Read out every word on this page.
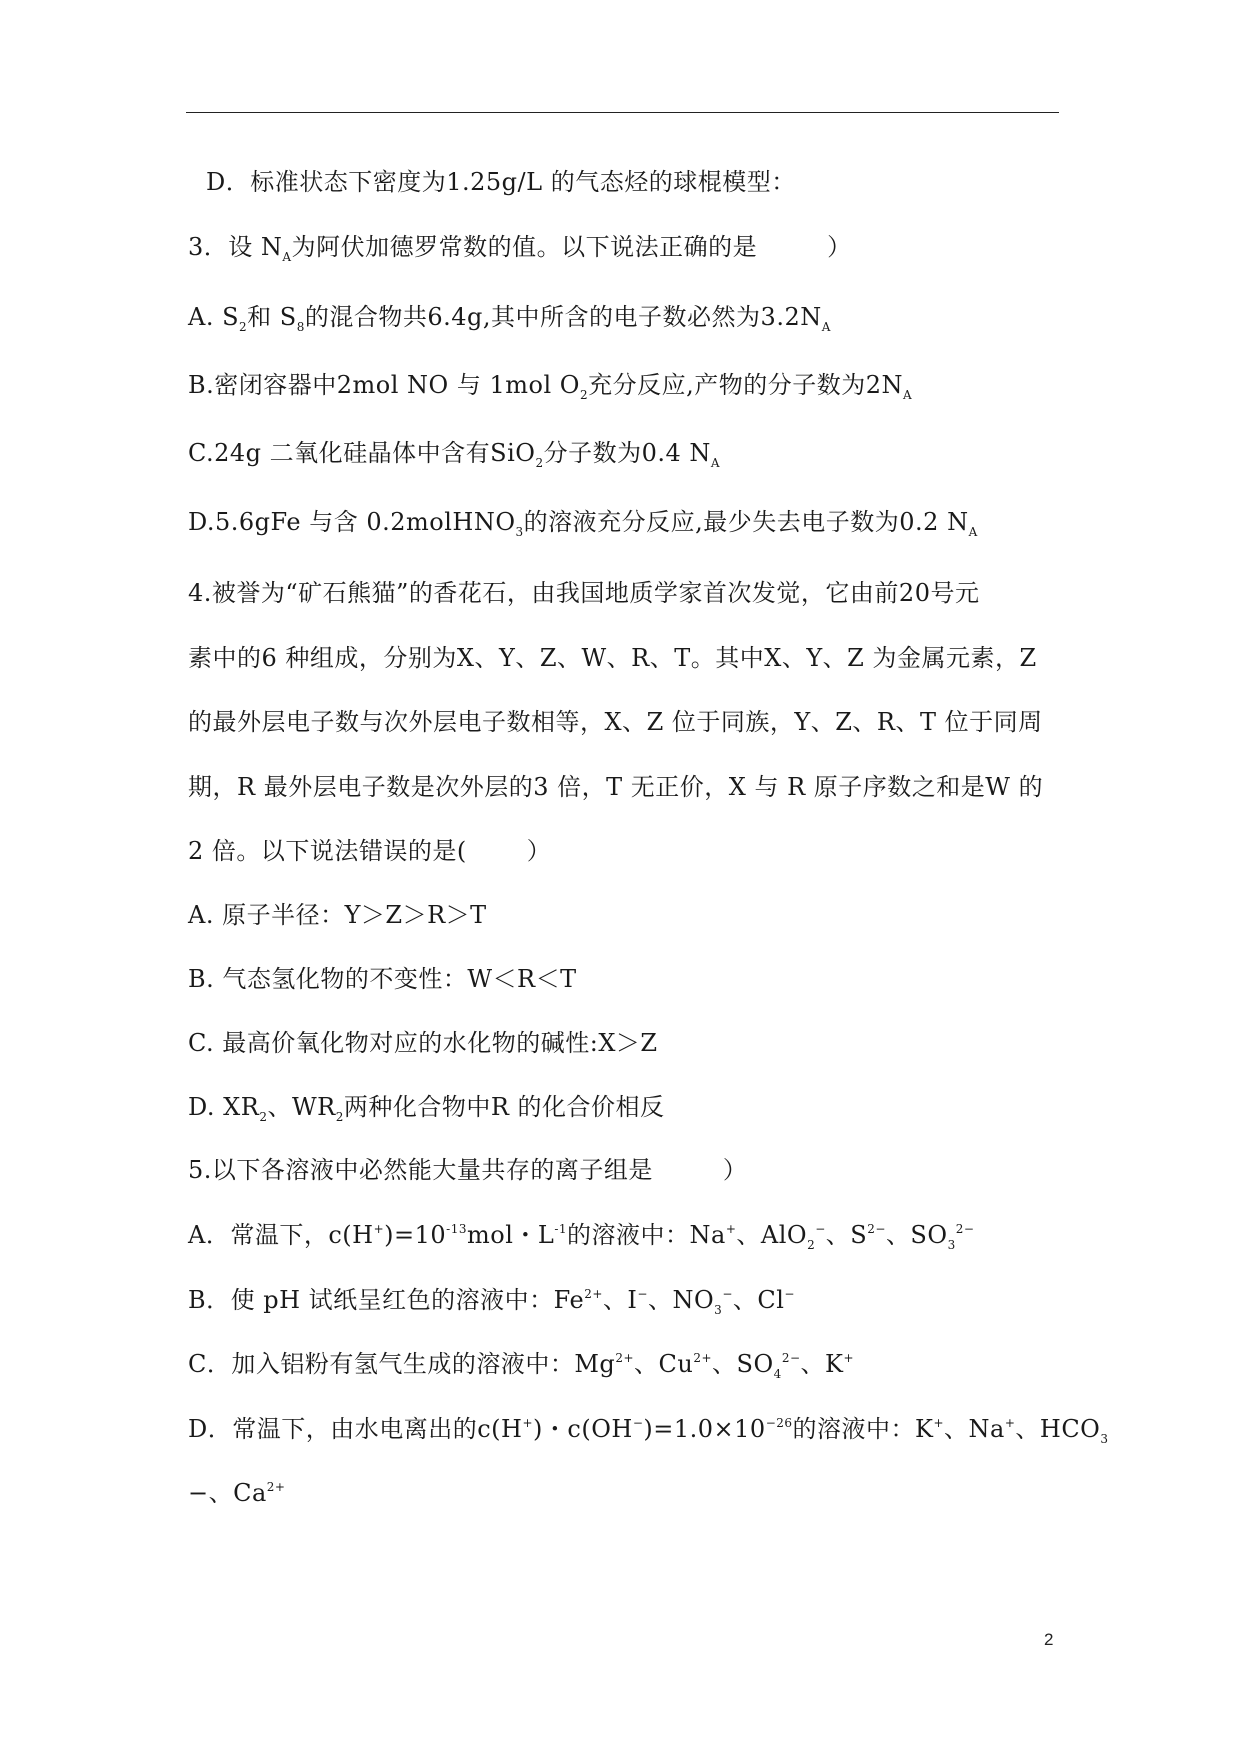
D．标准状态下密度为1.25g/L 的气态烃的球棍模型：
3．设 $N_A$为阿伏加德罗常数的值。以下说法正确的是	）
A. $S_2$和 $S_8$的混合物共6.4g,其中所含的电子数必然为$3.2N_A$
B.密闭容器中2mol NO 与 1mol $O_2$充分反应,产物的分子数为$2N_A$
C.24g 二氧化硅晶体中含有SiO$_2$分子数为0.4 $N_A$
D.5.6gFe 与含 0.2molHNO$_3$的溶液充分反应,最少失去电子数为0.2 $N_A$
4.被誉为“矿石熊猫”的香花石，由我国地质学家首次发觉，它由前20号元
素中的6 种组成，分别为X、Y、Z、W、R、T。其中X、Y、Z 为金属元素，Z
的最外层电子数与次外层电子数相等，X、Z 位于同族，Y、Z、R、T 位于同周
期，R 最外层电子数是次外层的3 倍，T 无正价，X 与 R 原子序数之和是W 的
2 倍。以下说法错误的是(	）
A. 原子半径：Y＞Z＞R＞T
B. 气态氢化物的不变性：W＜R＜T
C. 最高价氧化物对应的水化物的碱性:X＞Z
D. $XR_2$、$WR_2$两种化合物中R 的化合价相反
5.以下各溶液中必然能大量共存的离子组是	）
A．常温下，$c(H^+)=10^{-13}mol$・$L^{-1}$的溶液中：Na+、AlO$_2$−、$S^{2-}$、$SO_3^{2-}$
B．使 pH 试纸呈红色的溶液中：$Fe^{2+}$、I−、$NO_3^-$、Cl−
C．加入铝粉有氢气生成的溶液中：$Mg^{2+}$、$Cu^{2+}$、$SO_4^{2-}$、K+
D．常温下，由水电离出的c(H+)・$c(OH^-)=1.0\times 10^{-26}$的溶液中：K+、Na+、$HCO_3$
−、$Ca^{2+}$
2
